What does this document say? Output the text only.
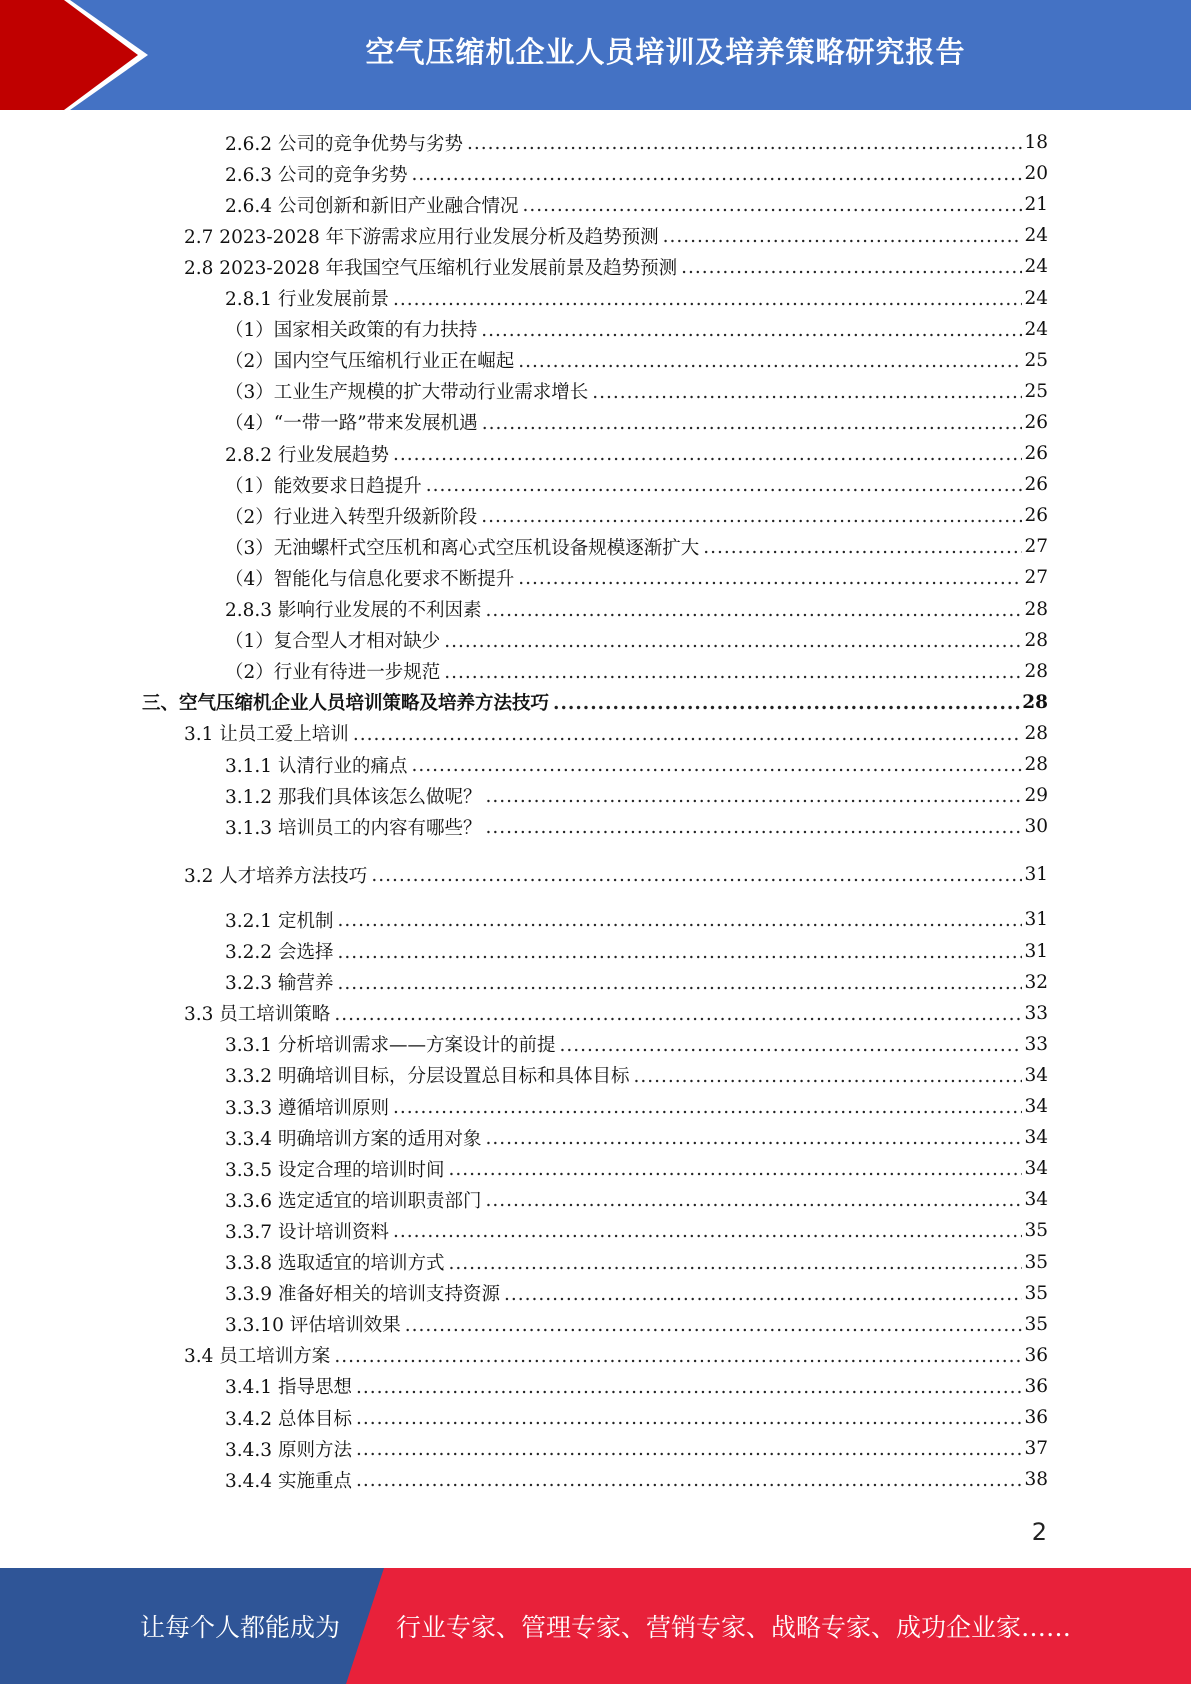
空气压缩机企业人员培训及培养策略研究报告
2.6.2 公司的竞争优势与劣势 .....	18
2.6.3 公司的竞争劣势 .....	20
2.6.4 公司创新和新旧产业融合情况 .....	21
2.7 2023-2028 年下游需求应用行业发展分析及趋势预测 .....	24
2.8 2023-2028 年我国空气压缩机行业发展前景及趋势预测 .....	24
2.8.1 行业发展前景 .....	24
（1）国家相关政策的有力扶持 .....	24
（2）国内空气压缩机行业正在崛起 .....	25
（3）工业生产规模的扩大带动行业需求增长 .....	25
（4）“一带一路”带来发展机遇 .....	26
2.8.2 行业发展趋势 .....	26
（1）能效要求日趋提升 .....	26
（2）行业进入转型升级新阶段 .....	26
（3）无油螺杆式空压机和离心式空压机设备规模逐渐扩大 .....	27
（4）智能化与信息化要求不断提升 .....	27
2.8.3 影响行业发展的不利因素 .....	28
（1）复合型人才相对缺少 .....	28
（2）行业有待进一步规范 .....	28
三、空气压缩机企业人员培训策略及培养方法技巧 .....	28
3.1 让员工爱上培训 .....	28
3.1.1 认清行业的痛点 .....	28
3.1.2 那我们具体该怎么做呢？ .....	29
3.1.3 培训员工的内容有哪些？ .....	30
3.2 人才培养方法技巧 .....	31
3.2.1 定机制 .....	31
3.2.2 会选择 .....	31
3.2.3 输营养 .....	32
3.3 员工培训策略 .....	33
3.3.1 分析培训需求——方案设计的前提 .....	33
3.3.2 明确培训目标，分层设置总目标和具体目标 .....	34
3.3.3 遵循培训原则 .....	34
3.3.4 明确培训方案的适用对象 .....	34
3.3.5 设定合理的培训时间 .....	34
3.3.6 选定适宜的培训职责部门 .....	34
3.3.7 设计培训资料 .....	35
3.3.8 选取适宜的培训方式 .....	35
3.3.9 准备好相关的培训支持资源 .....	35
3.3.10 评估培训效果 .....	35
3.4 员工培训方案 .....	36
3.4.1 指导思想 .....	36
3.4.2 总体目标 .....	36
3.4.3 原则方法 .....	37
3.4.4 实施重点 .....	38
2
让每个人都能成为 行业专家、管理专家、营销专家、战略专家、成功企业家……
